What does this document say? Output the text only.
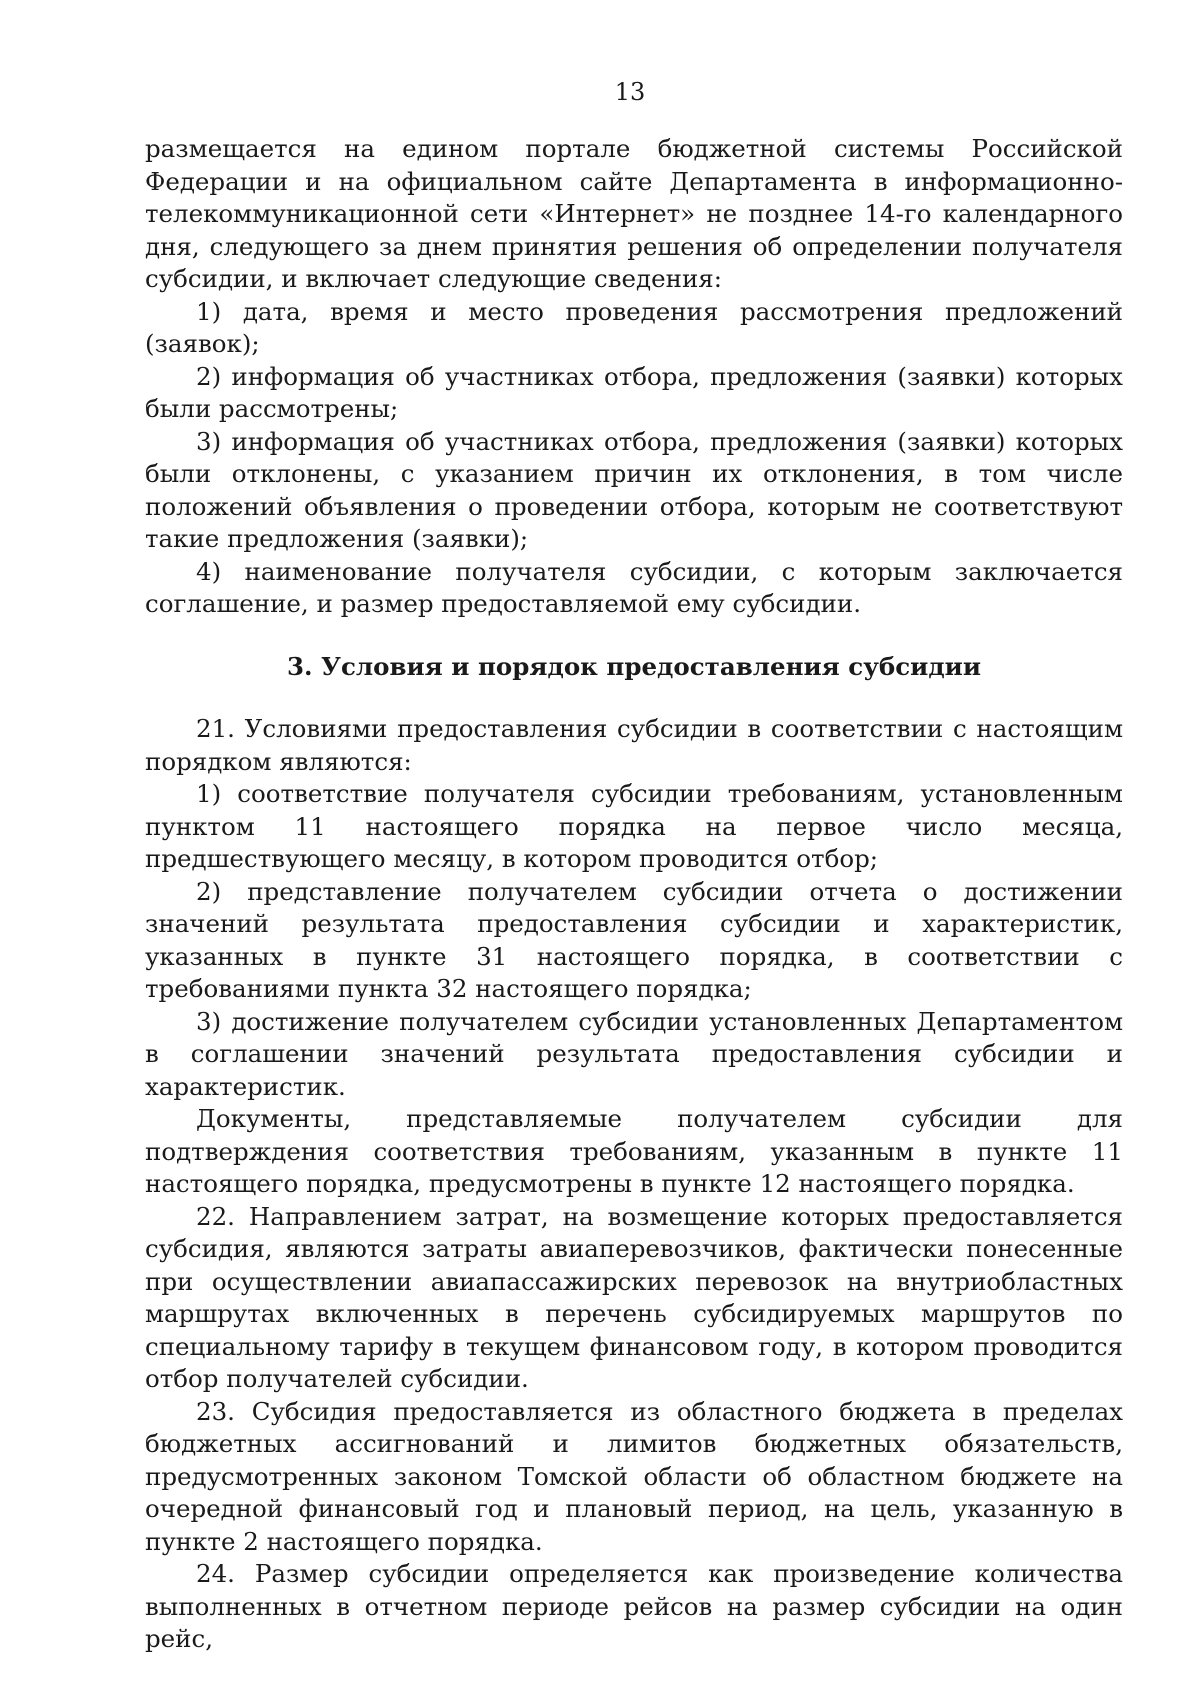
13

размещается на едином портале бюджетной системы Российской Федерации и на официальном сайте Департамента в информационно-телекоммуникационной сети «Интернет» не позднее 14-го календарного дня, следующего за днем принятия решения об определении получателя субсидии, и включает следующие сведения:

1) дата, время и место проведения рассмотрения предложений (заявок);

2) информация об участниках отбора, предложения (заявки) которых были рассмотрены;

3) информация об участниках отбора, предложения (заявки) которых были отклонены, с указанием причин их отклонения, в том числе положений объявления о проведении отбора, которым не соответствуют такие предложения (заявки);

4) наименование получателя субсидии, с которым заключается соглашение, и размер предоставляемой ему субсидии.

3. Условия и порядок предоставления субсидии

21. Условиями предоставления субсидии в соответствии с настоящим порядком являются:

1) соответствие получателя субсидии требованиям, установленным пунктом 11 настоящего порядка на первое число месяца, предшествующего месяцу, в котором проводится отбор;

2) представление получателем субсидии отчета о достижении значений результата предоставления субсидии и характеристик, указанных в пункте 31 настоящего порядка, в соответствии с требованиями пункта 32 настоящего порядка;

3) достижение получателем субсидии установленных Департаментом в соглашении значений результата предоставления субсидии и характеристик.

Документы, представляемые получателем субсидии для подтверждения соответствия требованиям, указанным в пункте 11 настоящего порядка, предусмотрены в пункте 12 настоящего порядка.

22. Направлением затрат, на возмещение которых предоставляется субсидия, являются затраты авиаперевозчиков, фактически понесенные при осуществлении авиапассажирских перевозок на внутриобластных маршрутах включенных в перечень субсидируемых маршрутов по специальному тарифу в текущем финансовом году, в котором проводится отбор получателей субсидии.

23. Субсидия предоставляется из областного бюджета в пределах бюджетных ассигнований и лимитов бюджетных обязательств, предусмотренных законом Томской области об областном бюджете на очередной финансовый год и плановый период, на цель, указанную в пункте 2 настоящего порядка.

24. Размер субсидии определяется как произведение количества выполненных в отчетном периоде рейсов на размер субсидии на один рейс,
